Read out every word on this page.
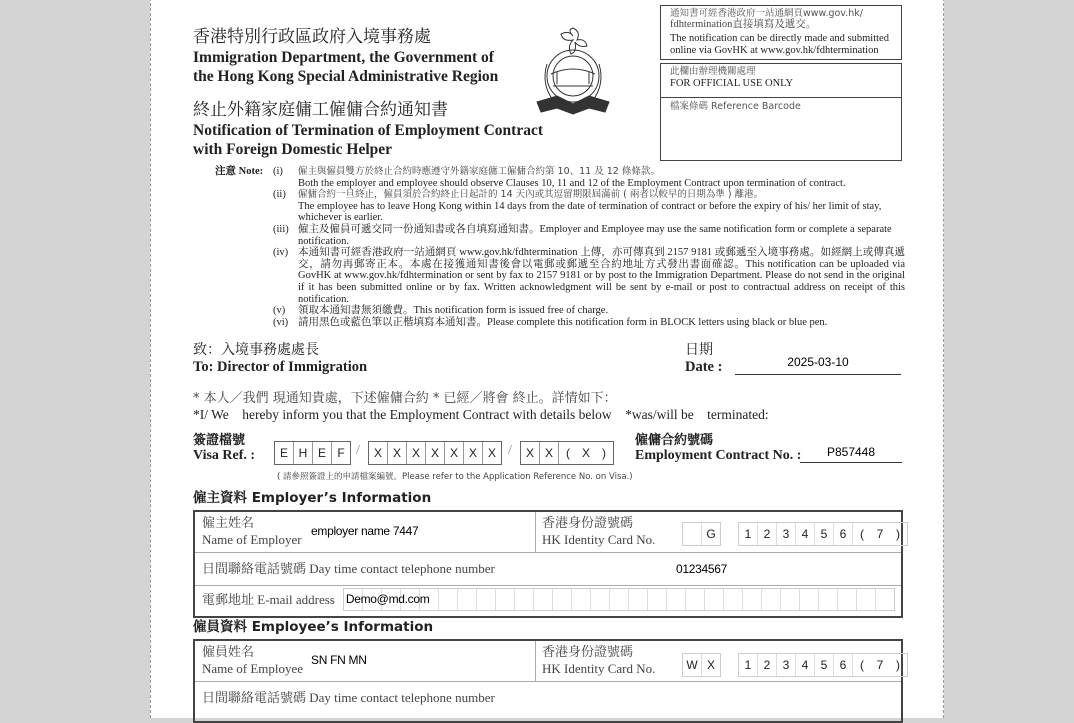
香港特別行政區政府入境事務處
Immigration Department, the Government of
the Hong Kong Special Administrative Region
終止外籍家庭傭工僱傭合約通知書
Notification of Termination of Employment Contract
with Foreign Domestic Helper
通知書可經香港政府一站通網頁www.gov.hk/
fdhtermination直接填寫及遞交。
The notification can be directly made and submitted
online via GovHK at www.gov.hk/fdhtermination
此欄由辦理機關處理
FOR OFFICIAL USE ONLY
檔案條碼 Reference Barcode
注意 Note: (i)	僱主與僱員雙方於終止合約時應遵守外籍家庭傭工僱傭合約第 10、11 及 12 條條款。
Both the employer and employee should observe Clauses 10, 11 and 12 of the Employment Contract upon termination of contract.
(ii)	僱傭合約一旦終止，僱員須於合約終止日起計的 14 天內或其逗留期限屆滿前 ( 兩者以較早的日期為準 ) 離港。
The employee has to leave Hong Kong within 14 days from the date of termination of contract or before the expiry of his/ her limit of stay, whichever is earlier.
(iii) 僱主及僱員可遞交同一份通知書或各自填寫通知書。Employer and Employee may use the same notification form or complete a separate notification.
(iv) 本通知書可經香港政府一站通網頁 www.gov.hk/fdhtermination 上傳，亦可傳真到 2157 9181 或郵遞至入境事務處。如經網上或傳真遞交，請勿再郵寄正本。本處在接獲通知書後會以電郵或郵遞至合約地址方式發出書面確認。This notification can be uploaded via GovHK at www.gov.hk/fdhtermination or sent by fax to 2157 9181 or by post to the Immigration Department. Please do not send in the original if it has been submitted online or by fax. Written acknowledgment will be sent by e-mail or post to contractual address on receipt of this notification.
(v)	領取本通知書無須繳費。This notification form is issued free of charge.
(vi) 請用黑色或藍色筆以正楷填寫本通知書。Please complete this notification form in BLOCK letters using black or blue pen.
致：入境事務處處長
To: Director of Immigration
日期
Date :	2025-03-10
* 本人／我們 現通知貴處，下述僱傭合約 * 已經／將會 終止。詳情如下：
*I/ We    hereby inform you that the Employment Contract with details below    *was/will be    terminated:
簽證檔號
Visa Ref. :	E H E F /	X X X X X X X /	X X	( X	)
( 請參照簽證上的申請檔案編號。Please refer to the Application Reference No. on Visa.)
僱傭合約號碼
Employment Contract No. :	P857448
僱主資料 Employer’s Information
僱主姓名
Name of Employer
employer name 7447	香港身份證號碼
HK Identity Card No.	G	1	2	3	4	5	6	(	7	)
日間聯絡電話號碼 Day time contact telephone number	01234567
電郵地址 E-mail address Demo@md.com
僱員資料 Employee’s Information
僱員姓名
Name of Employee
SN FN MN	香港身份證號碼
HK Identity Card No.	W X	1	2	3	4	5	6	(	7	)
日間聯絡電話號碼 Day time contact telephone number
